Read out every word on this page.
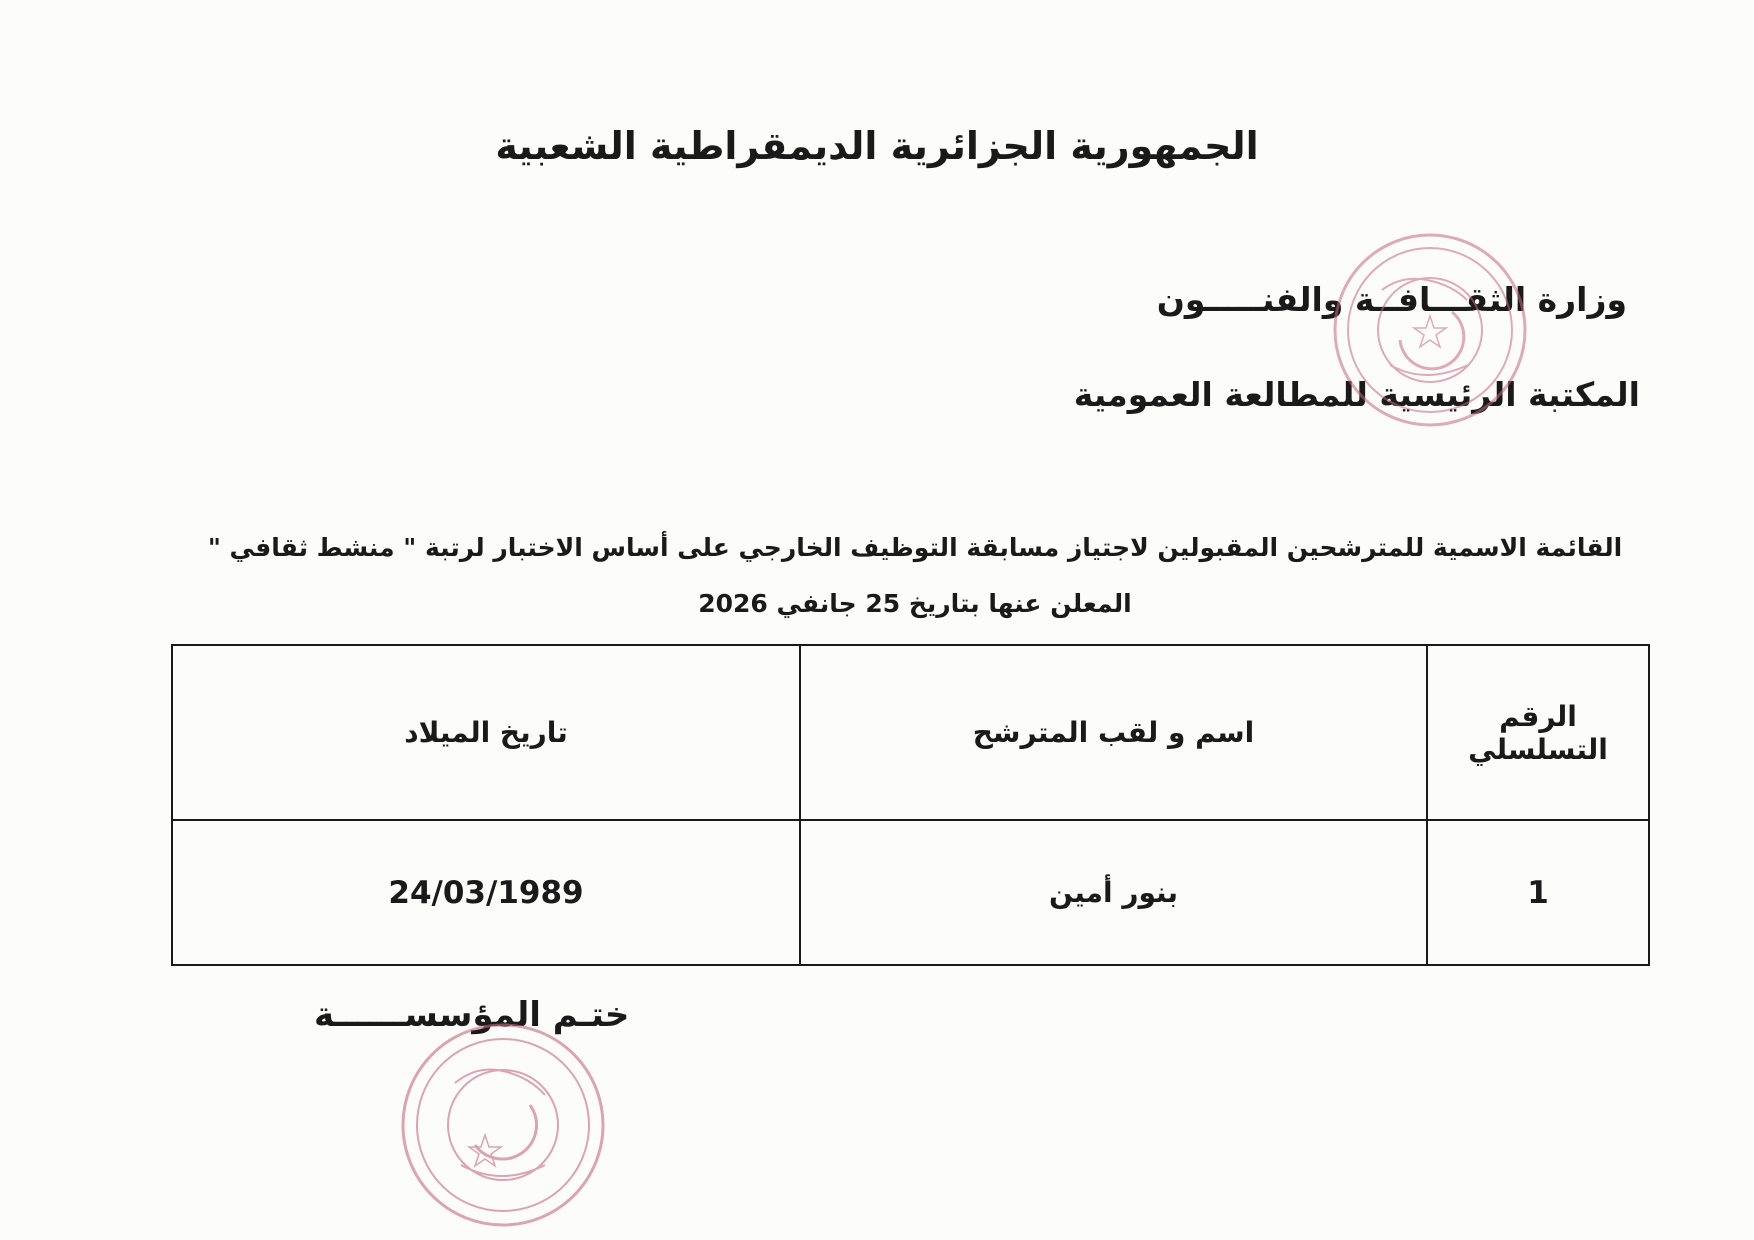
الجمهورية الجزائرية الديمقراطية الشعبية
وزارة الثقـــافــة والفنـــــون
المكتبة الرئيسية للمطالعة العمومية
القائمة الاسمية للمترشحين المقبولين لاجتياز مسابقة التوظيف الخارجي على أساس الاختبار لرتبة " منشط ثقافي " المعلن عنها بتاريخ 25 جانفي 2026
الرقم التسلسلي	اسم و لقب المترشح	تاريخ الميلاد
1	بنور أمين	24/03/1989
ختـم المؤسســــــة
